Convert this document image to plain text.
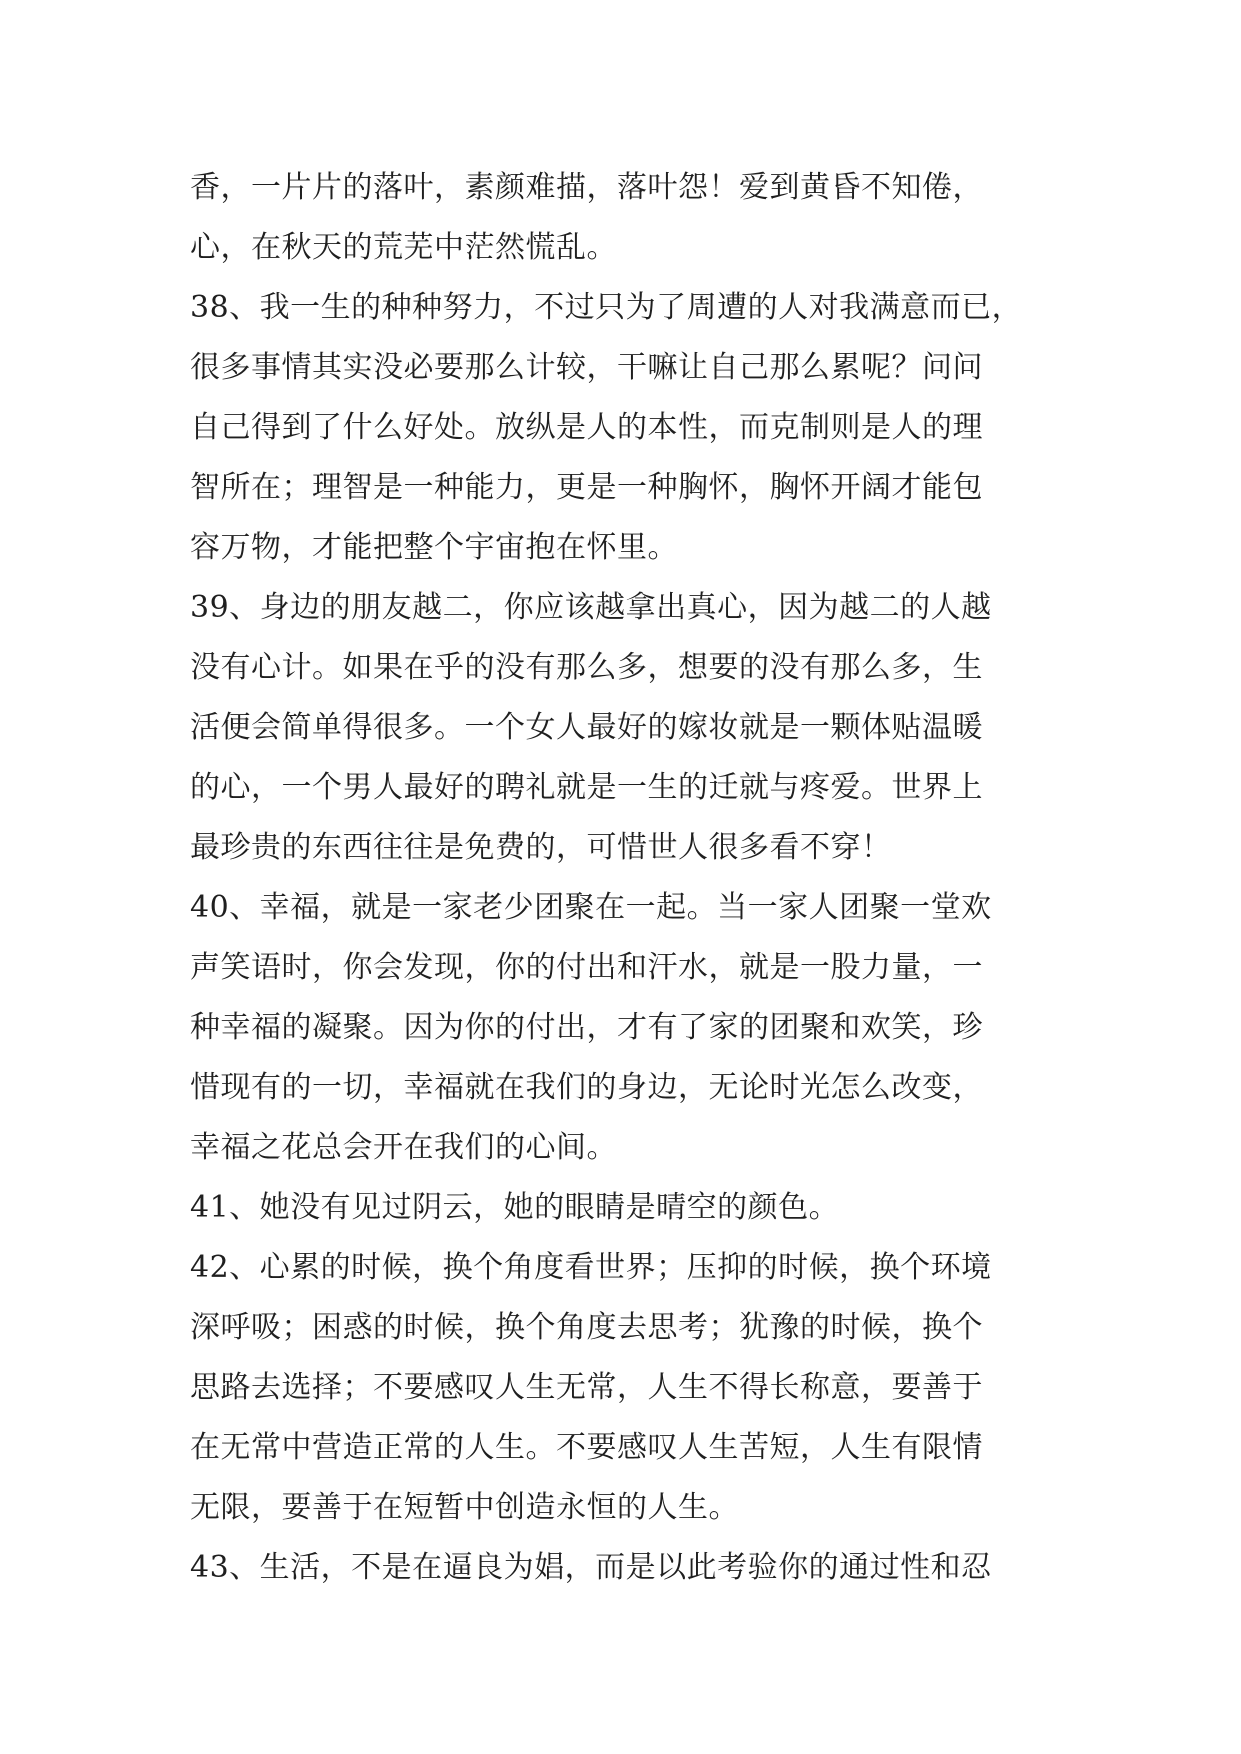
香，一片片的落叶，素颜难描，落叶怨！爱到黄昏不知倦，
心，在秋天的荒芜中茫然慌乱。
38、我一生的种种努力，不过只为了周遭的人对我满意而已，
很多事情其实没必要那么计较，干嘛让自己那么累呢？问问
自己得到了什么好处。放纵是人的本性，而克制则是人的理
智所在；理智是一种能力，更是一种胸怀，胸怀开阔才能包
容万物，才能把整个宇宙抱在怀里。
39、身边的朋友越二，你应该越拿出真心，因为越二的人越
没有心计。如果在乎的没有那么多，想要的没有那么多，生
活便会简单得很多。一个女人最好的嫁妆就是一颗体贴温暖
的心，一个男人最好的聘礼就是一生的迁就与疼爱。世界上
最珍贵的东西往往是免费的，可惜世人很多看不穿！
40、幸福，就是一家老少团聚在一起。当一家人团聚一堂欢
声笑语时，你会发现，你的付出和汗水，就是一股力量，一
种幸福的凝聚。因为你的付出，才有了家的团聚和欢笑，珍
惜现有的一切，幸福就在我们的身边，无论时光怎么改变，
幸福之花总会开在我们的心间。
41、她没有见过阴云，她的眼睛是晴空的颜色。
42、心累的时候，换个角度看世界；压抑的时候，换个环境
深呼吸；困惑的时候，换个角度去思考；犹豫的时候，换个
思路去选择；不要感叹人生无常，人生不得长称意，要善于
在无常中营造正常的人生。不要感叹人生苦短，人生有限情
无限，要善于在短暂中创造永恒的人生。
43、生活，不是在逼良为娼，而是以此考验你的通过性和忍
